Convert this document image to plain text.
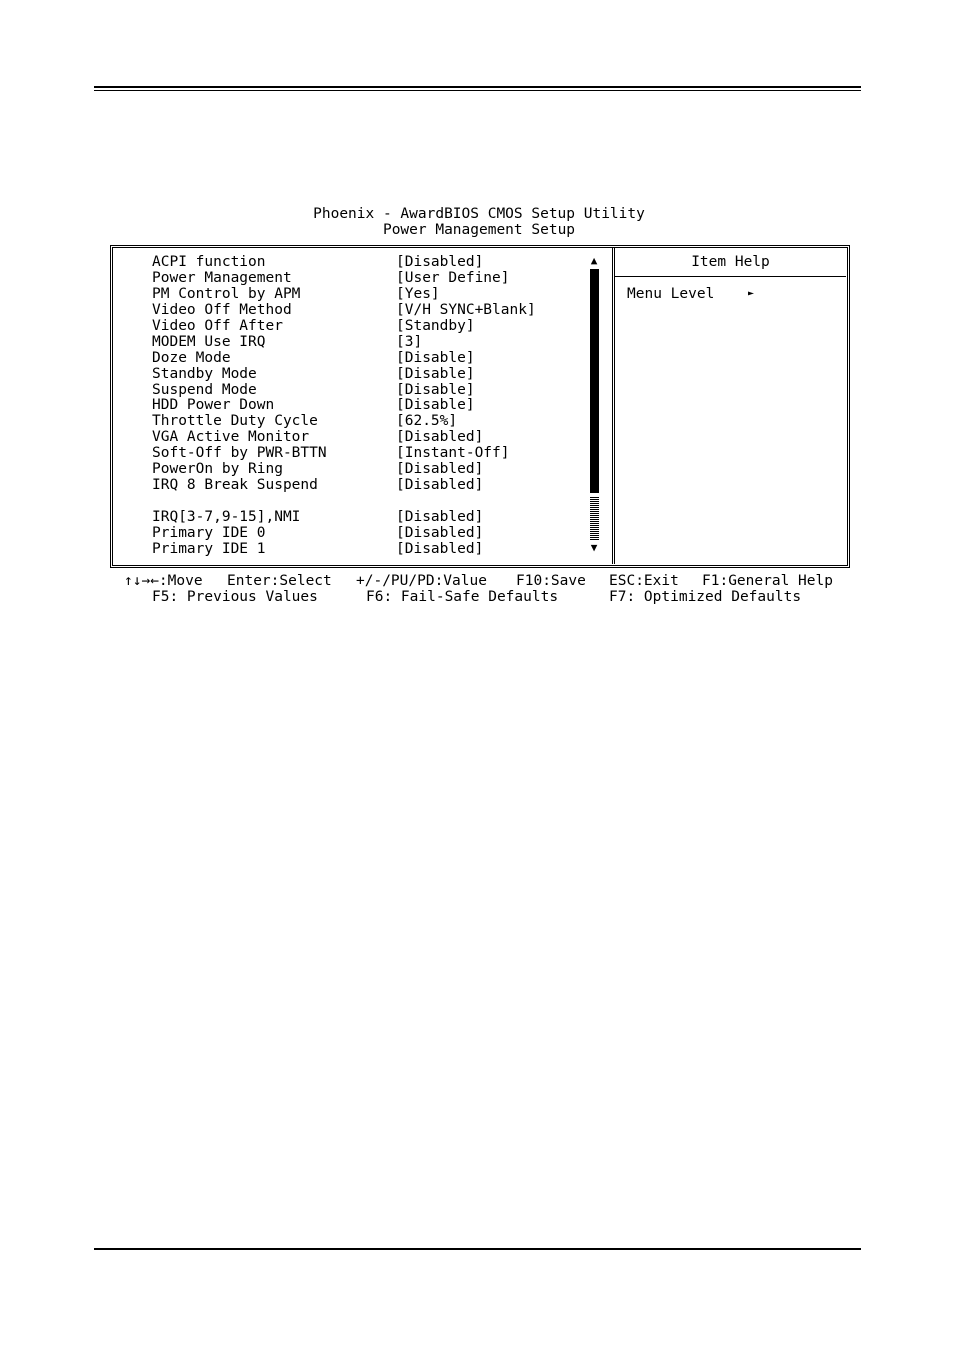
Phoenix - AwardBIOS CMOS Setup Utility
Power Management Setup

ACPI function

	[Disabled]

Power Management

	[User Define]

PM Control by APM

	[Yes]

Video Off Method

	[V/H SYNC+Blank]

Video Off After

	[Standby]

MODEM Use IRQ

	[3]

Doze Mode

	[Disable]

Standby Mode

	[Disable]

Suspend Mode

	[Disable]

HDD Power Down

	[Disable]

Throttle Duty Cycle

	[62.5%]

VGA Active Monitor

	[Disabled]

Soft-Off by PWR-BTTN

	[Instant-Off]

PowerOn by Ring

	[Disabled]

IRQ 8 Break Suspend

	[Disabled]

IRQ[3-7,9-15],NMI

	[Disabled]

Primary IDE 0

	[Disabled]

Primary IDE 1

	[Disabled]

▲
▼
Item Help
Menu Level	►
↑↓→←:Move Enter:Select +/-/PU/PD:Value F10:Save ESC:Exit F1:General Help
F5: Previous Values	F6: Fail-Safe Defaults	F7: Optimized Defaults
